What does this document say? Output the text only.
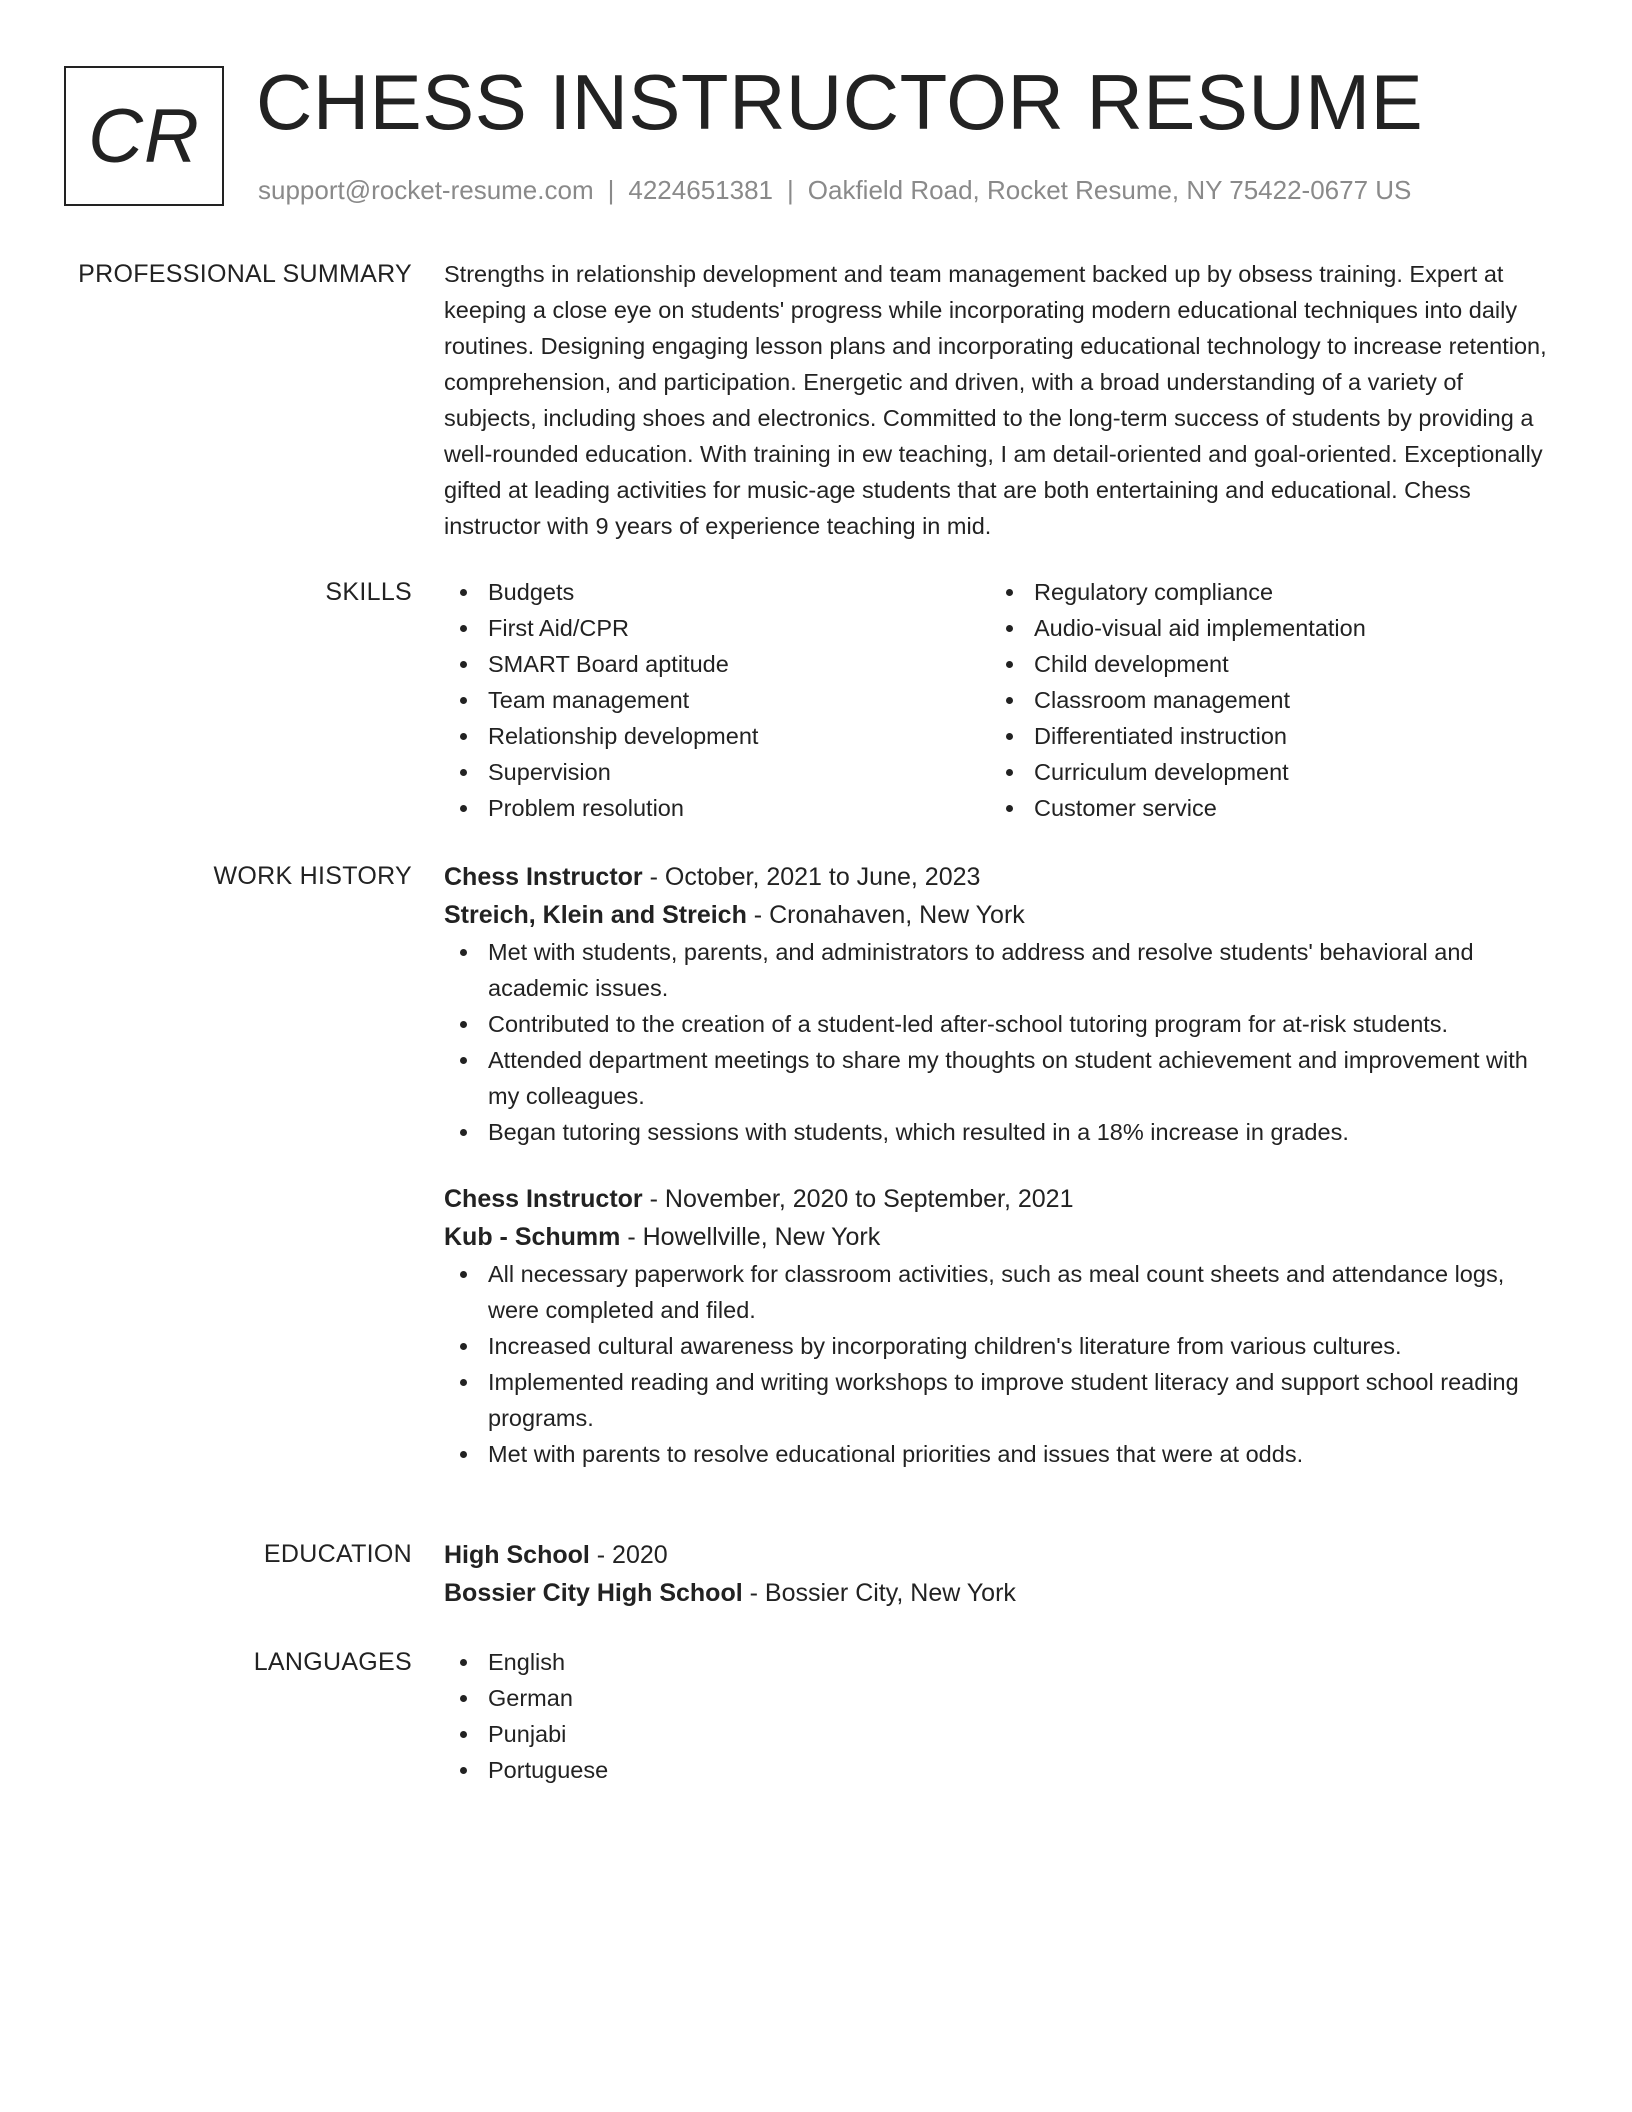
CR CHESS INSTRUCTOR RESUME
support@rocket-resume.com | 4224651381 | Oakfield Road, Rocket Resume, NY 75422-0677 US
PROFESSIONAL SUMMARY Strengths in relationship development and team management backed up by obsess training. Expert at keeping a close eye on students' progress while incorporating modern educational techniques into daily routines. Designing engaging lesson plans and incorporating educational technology to increase retention, comprehension, and participation. Energetic and driven, with a broad understanding of a variety of subjects, including shoes and electronics. Committed to the long-term success of students by providing a well-rounded education. With training in ew teaching, I am detail-oriented and goal-oriented. Exceptionally gifted at leading activities for music-age students that are both entertaining and educational. Chess instructor with 9 years of experience teaching in mid.

SKILLS	Budgets
First Aid/CPR
SMART Board aptitude
Team management
Relationship development
Supervision
Problem resolution
Regulatory compliance
Audio-visual aid implementation
Child development
Classroom management
Differentiated instruction
Curriculum development
Customer service
WORK HISTORY Chess Instructor - October, 2021 to June, 2023
Streich, Klein and Streich - Cronahaven, New York
Met with students, parents, and administrators to address and resolve students' behavioral and academic issues.
Contributed to the creation of a student-led after-school tutoring program for at-risk students.
Attended department meetings to share my thoughts on student achievement and improvement with my colleagues.
Began tutoring sessions with students, which resulted in a 18% increase in grades.
Chess Instructor - November, 2020 to September, 2021
Kub - Schumm - Howellville, New York
All necessary paperwork for classroom activities, such as meal count sheets and attendance logs, were completed and filed.
Increased cultural awareness by incorporating children's literature from various cultures.
Implemented reading and writing workshops to improve student literacy and support school reading programs.
Met with parents to resolve educational priorities and issues that were at odds.
EDUCATION High School - 2020
Bossier City High School - Bossier City, New York
LANGUAGES	English
German
Punjabi
Portuguese
